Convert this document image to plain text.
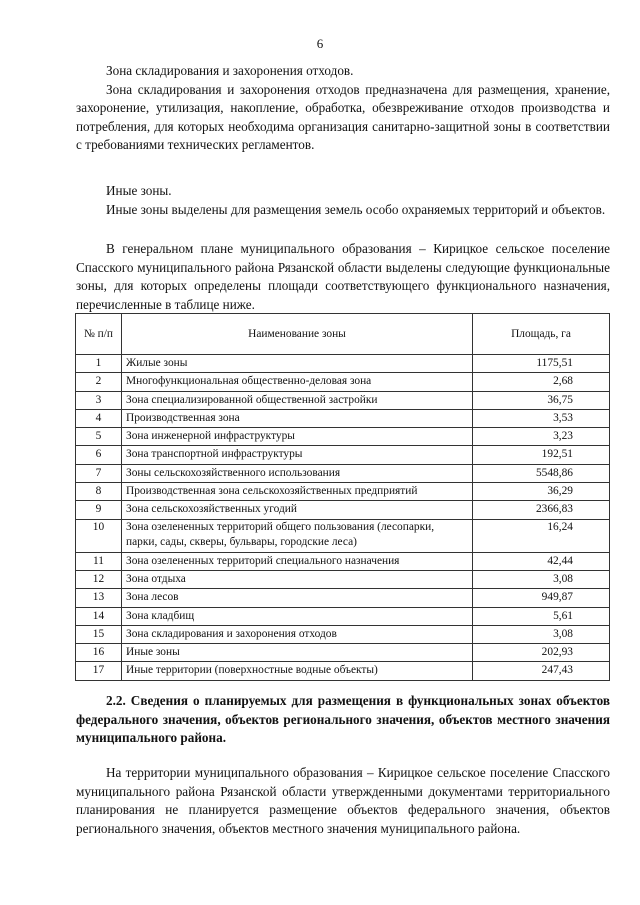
6

Зона складирования и захоронения отходов.

Зона складирования и захоронения отходов предназначена для размещения, хранение, захоронение, утилизация, накопление, обработка, обезвреживание отходов производства и потребления, для которых необходима организация санитарно-защитной зоны в соответствии с требованиями технических регламентов.

Иные зоны.

Иные зоны выделены для размещения земель особо охраняемых территорий и объектов.

В генеральном плане муниципального образования – Кирицкое сельское поселение Спасского муниципального района Рязанской области выделены следующие функциональные зоны, для которых определены площади соответствующего функционального назначения, перечисленные в таблице ниже.

№ п/п	Наименование зоны	Площадь, га
1	Жилые зоны	1175,51
2	Многофункциональная общественно-деловая зона	2,68
3	Зона специализированной общественной застройки	36,75
4	Производственная зона	3,53
5	Зона инженерной инфраструктуры	3,23
6	Зона транспортной инфраструктуры	192,51
7	Зоны сельскохозяйственного использования	5548,86
8	Производственная зона сельскохозяйственных предприятий	36,29
9	Зона сельскохозяйственных угодий	2366,83
10	Зона озелененных территорий общего пользования (лесопарки, парки, сады, скверы, бульвары, городские леса)	16,24
11	Зона озелененных территорий специального назначения	42,44
12	Зона отдыха	3,08
13	Зона лесов	949,87
14	Зона кладбищ	5,61
15	Зона складирования и захоронения отходов	3,08
16	Иные зоны	202,93
17	Иные территории (поверхностные водные объекты)	247,43

2.2. Сведения о планируемых для размещения в функциональных зонах объектов федерального значения, объектов регионального значения, объектов местного значения муниципального района.

На территории муниципального образования – Кирицкое сельское поселение Спасского муниципального района Рязанской области утвержденными документами территориального планирования не планируется размещение объектов федерального значения, объектов регионального значения, объектов местного значения муниципального района.
